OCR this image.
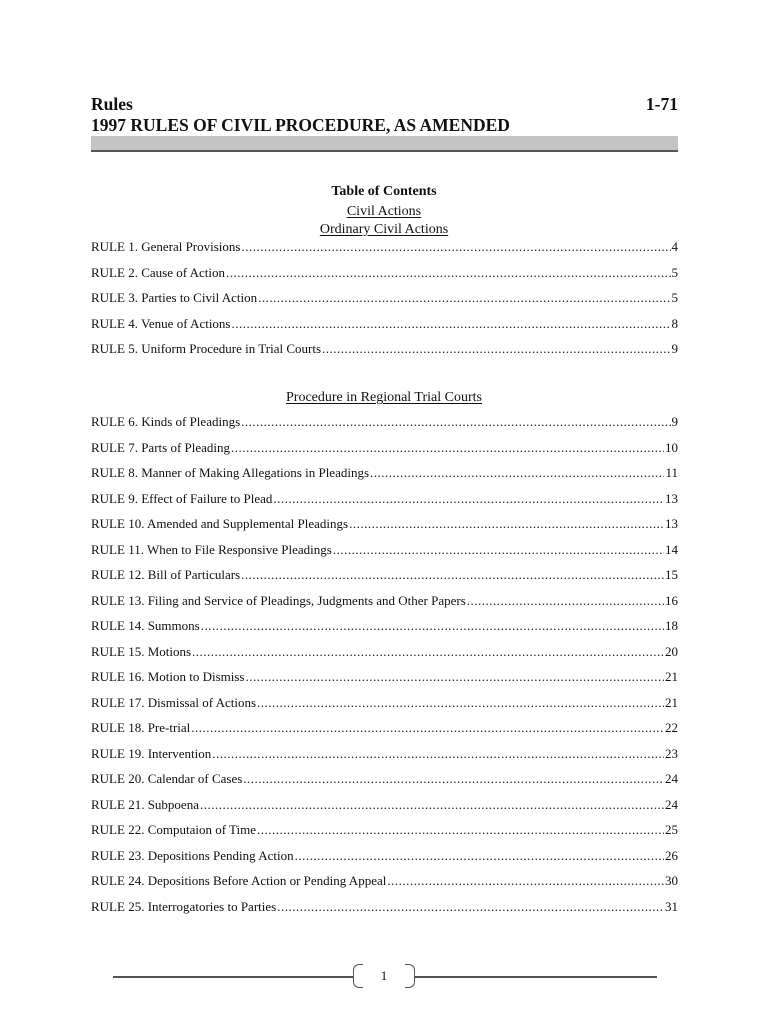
Rules	1-71
1997 RULES OF CIVIL PROCEDURE, AS AMENDED
Table of Contents
Civil Actions
Ordinary Civil Actions
RULE 1. General Provisions .....	4
RULE 2. Cause of Action .....	5
RULE 3. Parties to Civil Action .....	5
RULE 4. Venue of Actions .....	8
RULE 5. Uniform Procedure in Trial Courts .....	9
Procedure in Regional Trial Courts
RULE 6. Kinds of Pleadings .....	9
RULE 7. Parts of Pleading .....	10
RULE 8. Manner of Making Allegations in Pleadings .....	11
RULE 9. Effect of Failure to Plead .....	13
RULE 10. Amended and Supplemental Pleadings .....	13
RULE 11. When to File Responsive Pleadings .....	14
RULE 12. Bill of Particulars .....	15
RULE 13. Filing and Service of Pleadings, Judgments and Other Papers .....	16
RULE 14. Summons .....	18
RULE 15. Motions .....	20
RULE 16. Motion to Dismiss .....	21
RULE 17. Dismissal of Actions .....	21
RULE 18. Pre-trial .....	22
RULE 19. Intervention .....	23
RULE 20. Calendar of Cases .....	24
RULE 21. Subpoena .....	24
RULE 22. Computaion of Time .....	25
RULE 23. Depositions Pending Action .....	26
RULE 24. Depositions Before Action or Pending Appeal .....	30
RULE 25. Interrogatories to Parties .....	31
1
